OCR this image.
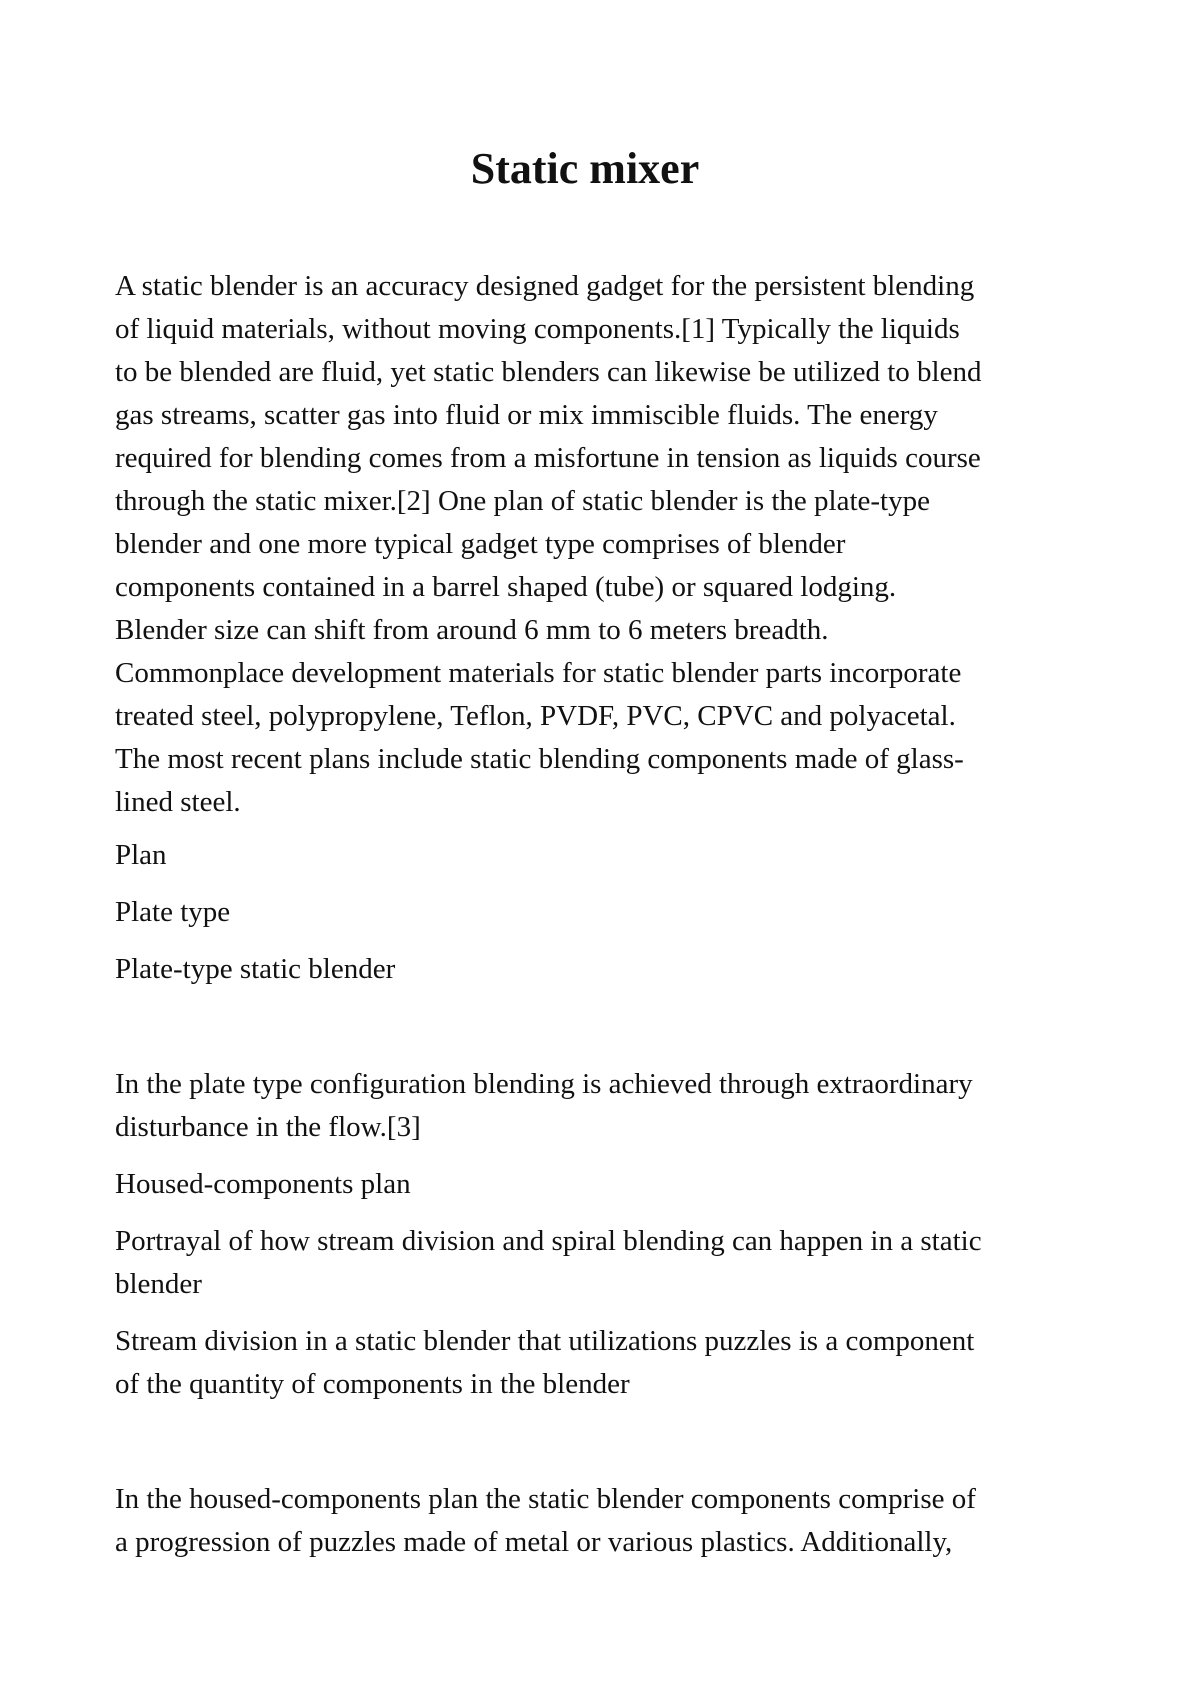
Static mixer

A static blender is an accuracy designed gadget for the persistent blending
of liquid materials, without moving components.[1] Typically the liquids
to be blended are fluid, yet static blenders can likewise be utilized to blend
gas streams, scatter gas into fluid or mix immiscible fluids. The energy
required for blending comes from a misfortune in tension as liquids course
through the static mixer.[2] One plan of static blender is the plate-type
blender and one more typical gadget type comprises of blender
components contained in a barrel shaped (tube) or squared lodging.
Blender size can shift from around 6 mm to 6 meters breadth.
Commonplace development materials for static blender parts incorporate
treated steel, polypropylene, Teflon, PVDF, PVC, CPVC and polyacetal.
The most recent plans include static blending components made of glass-
lined steel.

Plan

Plate type

Plate-type static blender

In the plate type configuration blending is achieved through extraordinary
disturbance in the flow.[3]

Housed-components plan

Portrayal of how stream division and spiral blending can happen in a static
blender

Stream division in a static blender that utilizations puzzles is a component
of the quantity of components in the blender

In the housed-components plan the static blender components comprise of
a progression of puzzles made of metal or various plastics. Additionally,
